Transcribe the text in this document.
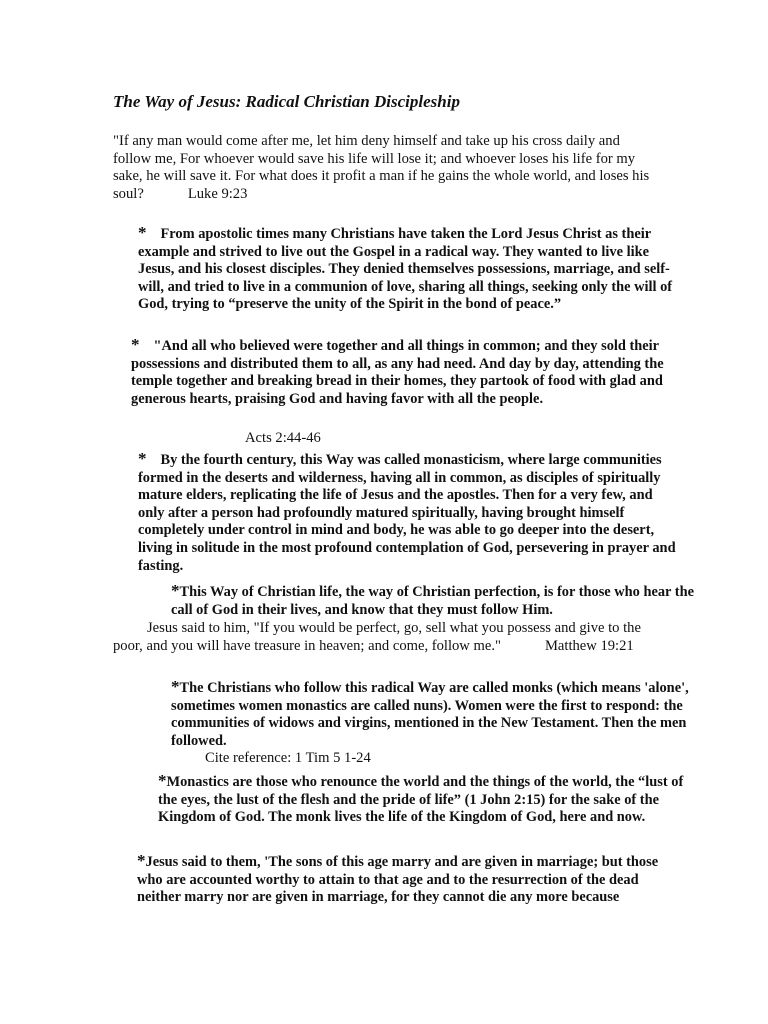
The Way of Jesus: Radical Christian Discipleship

"If any man would come after me, let him deny himself and take up his cross daily and follow me, For whoever would save his life will lose it; and whoever loses his life for my sake, he will save it. For what does it profit a man if he gains the whole world, and loses his soul?	Luke 9:23

* From apostolic times many Christians have taken the Lord Jesus Christ as their example and strived to live out the Gospel in a radical way. They wanted to live like Jesus, and his closest disciples. They denied themselves possessions, marriage, and self-will, and tried to live in a communion of love, sharing all things, seeking only the will of God, trying to “preserve the unity of the Spirit in the bond of peace.”

* "And all who believed were together and all things in common; and they sold their possessions and distributed them to all, as any had need. And day by day, attending the temple together and breaking bread in their homes, they partook of food with glad and generous hearts, praising God and having favor with all the people.

Acts 2:44-46

* By the fourth century, this Way was called monasticism, where large communities formed in the deserts and wilderness, having all in common, as disciples of spiritually mature elders, replicating the life of Jesus and the apostles. Then for a very few, and only after a person had profoundly matured spiritually, having brought himself completely under control in mind and body, he was able to go deeper into the desert, living in solitude in the most profound contemplation of God, persevering in prayer and fasting.

*This Way of Christian life, the way of Christian perfection, is for those who hear the call of God in their lives, and know that they must follow Him.

Jesus said to him, "If you would be perfect, go, sell what you possess and give to the poor, and you will have treasure in heaven; and come, follow me."	Matthew 19:21

*The Christians who follow this radical Way are called monks (which means 'alone', sometimes women monastics are called nuns). Women were the first to respond: the communities of widows and virgins, mentioned in the New Testament. Then the men followed.

Cite reference: 1 Tim 5 1-24

*Monastics are those who renounce the world and the things of the world, the “lust of the eyes, the lust of the flesh and the pride of life” (1 John 2:15) for the sake of the Kingdom of God. The monk lives the life of the Kingdom of God, here and now.

*Jesus said to them, 'The sons of this age marry and are given in marriage; but those who are accounted worthy to attain to that age and to the resurrection of the dead neither marry nor are given in marriage, for they cannot die any more because
